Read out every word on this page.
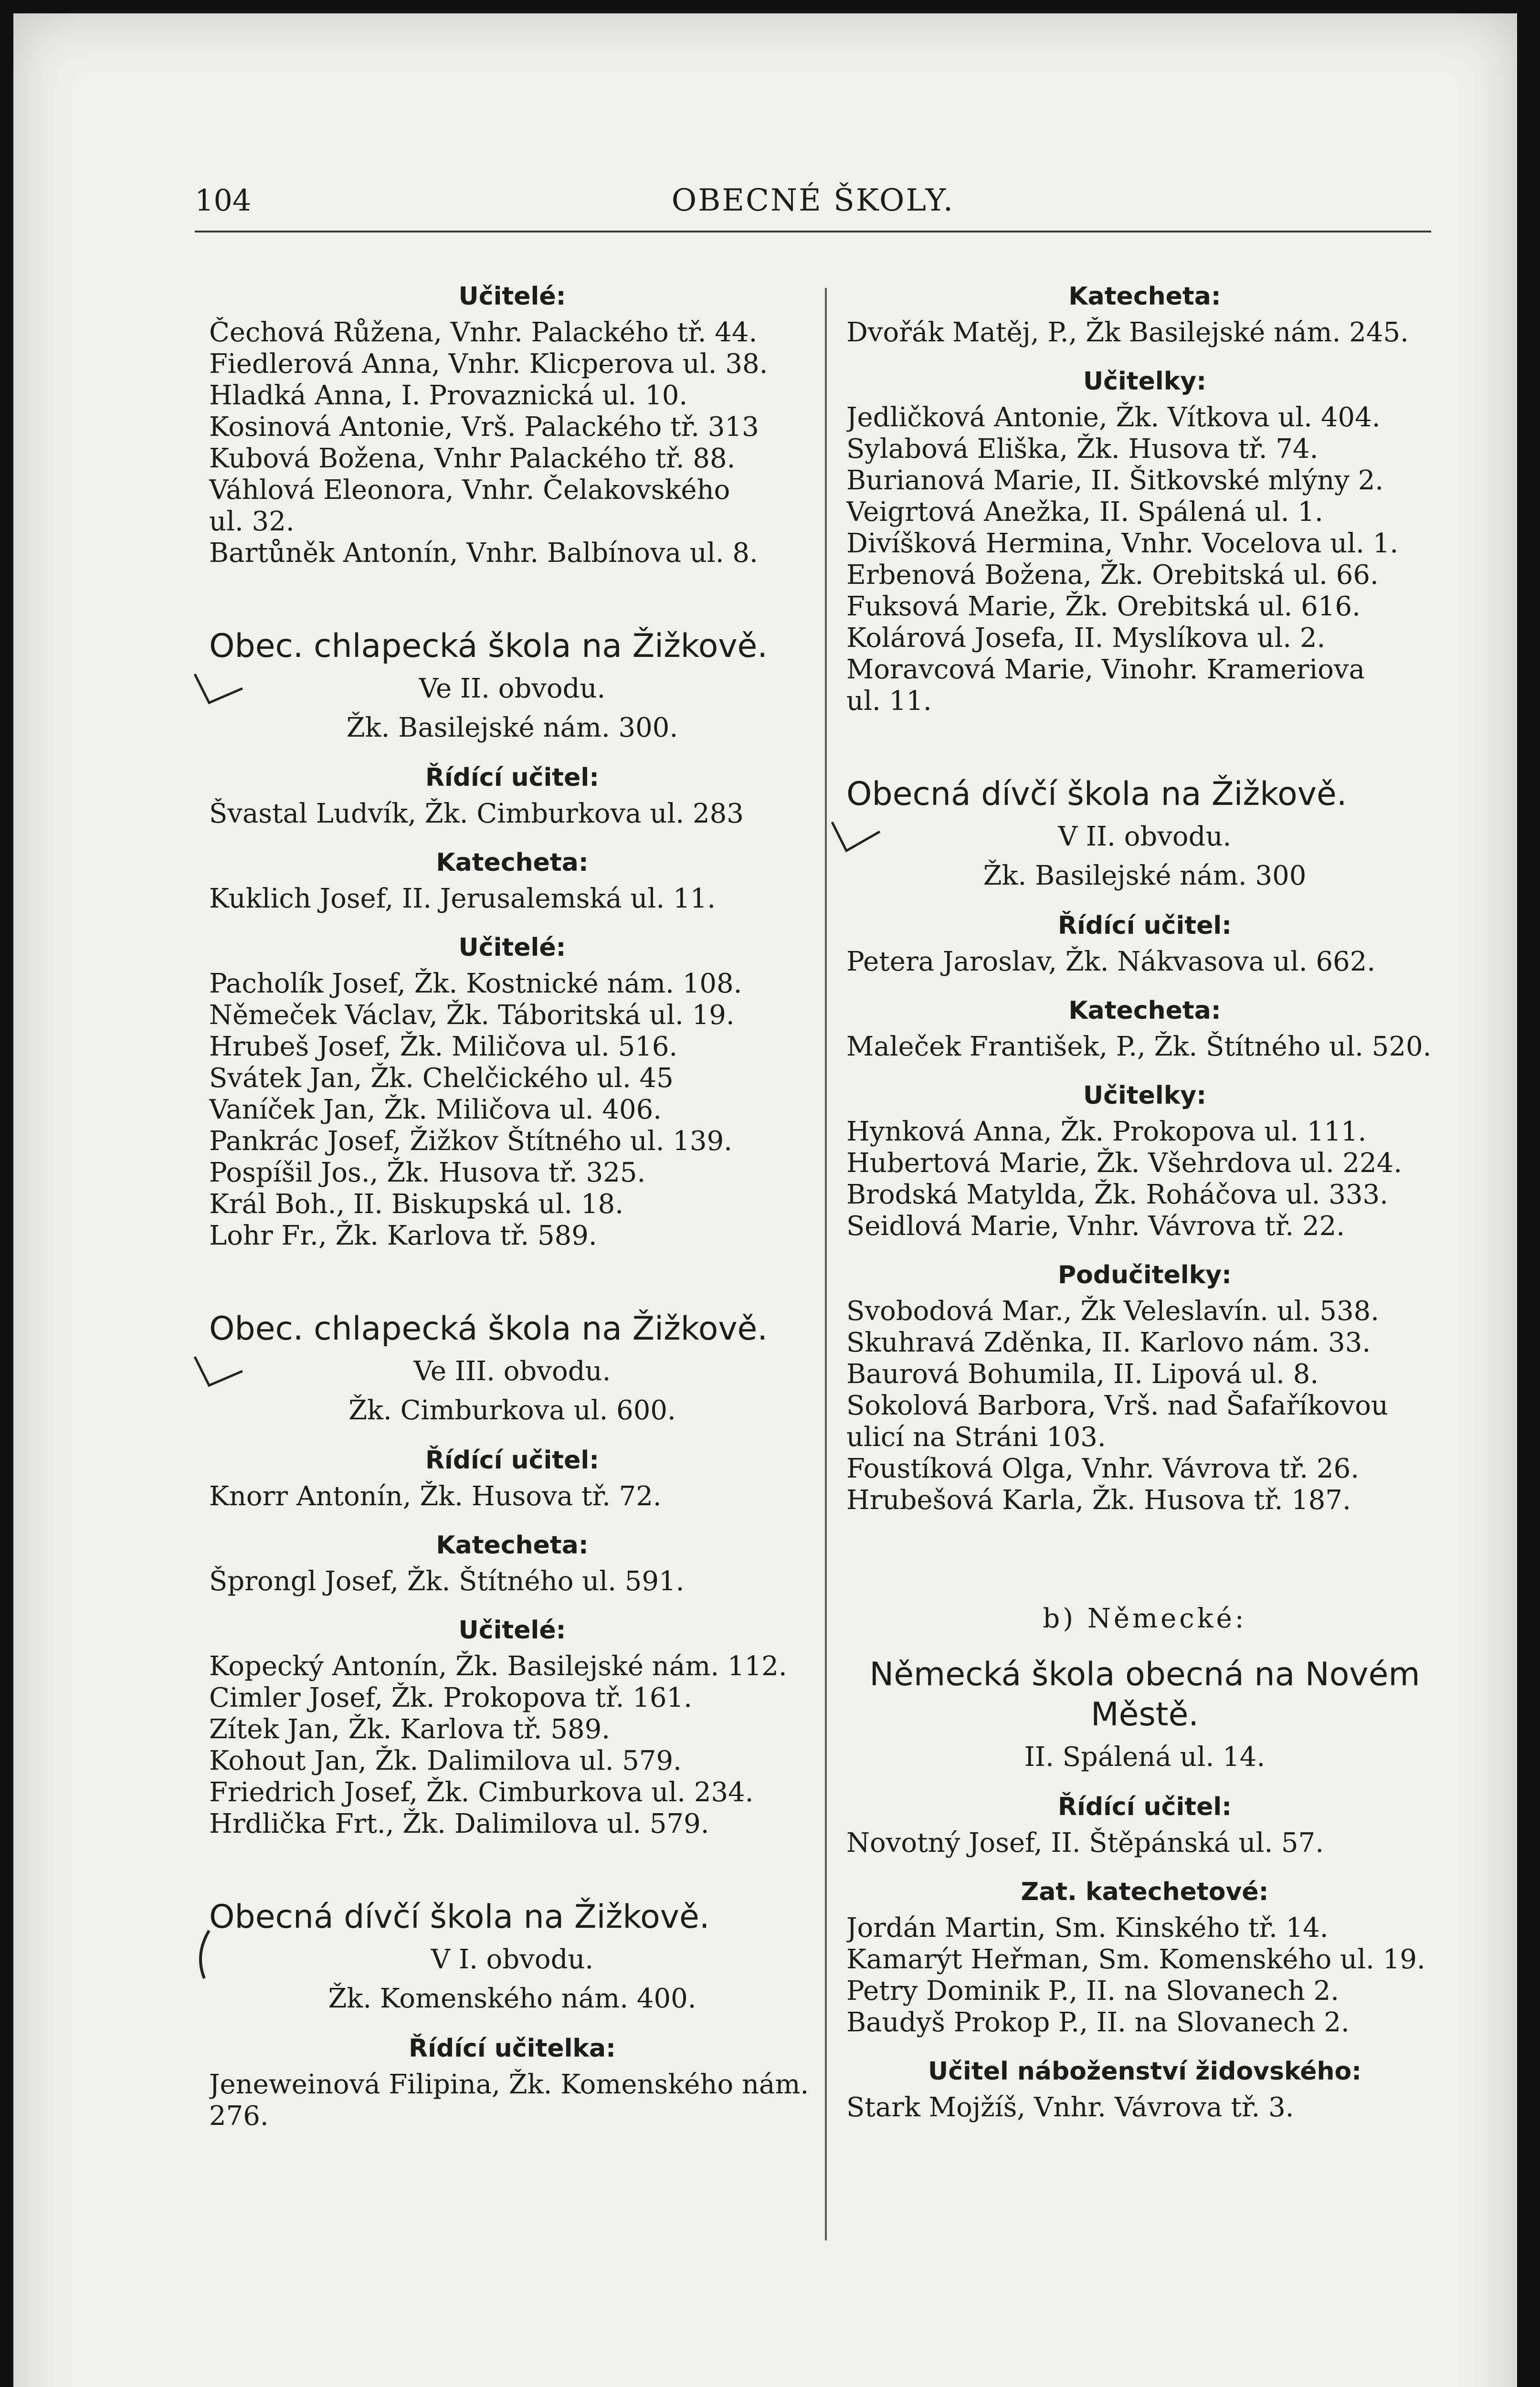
104	OBECNÉ ŠKOLY.
Učitelé:
Čechová Růžena, Vnhr. Palackého tř. 44.
Fiedlerová Anna, Vnhr. Klicperova ul. 38.
Hladká Anna, I. Provaznická ul. 10.
Kosinová Antonie, Vrš. Palackého tř. 313
Kubová Božena, Vnhr Palackého tř. 88.
Váhlová Eleonora, Vnhr. Čelakovského
ul. 32.
Bartůněk Antonín, Vnhr. Balbínova ul. 8.
Obec. chlapecká škola na Žižkově.
Ve II. obvodu.
Žk. Basilejské nám. 300.
Řídící učitel:
Švastal Ludvík, Žk. Cimburkova ul. 283
Katecheta:
Kuklich Josef, II. Jerusalemská ul. 11.
Učitelé:
Pacholík Josef, Žk. Kostnické nám. 108.
Němeček Václav, Žk. Táboritská ul. 19.
Hrubeš Josef, Žk. Miličova ul. 516.
Svátek Jan, Žk. Chelčického ul. 45
Vaníček Jan, Žk. Miličova ul. 406.
Pankrác Josef, Žižkov Štítného ul. 139.
Pospíšil Jos., Žk. Husova tř. 325.
Král Boh., II. Biskupská ul. 18.
Lohr Fr., Žk. Karlova tř. 589.
Obec. chlapecká škola na Žižkově.
Ve III. obvodu.
Žk. Cimburkova ul. 600.
Řídící učitel:
Knorr Antonín, Žk. Husova tř. 72.
Katecheta:
Šprongl Josef, Žk. Štítného ul. 591.
Učitelé:
Kopecký Antonín, Žk. Basilejské nám. 112.
Cimler Josef, Žk. Prokopova tř. 161.
Zítek Jan, Žk. Karlova tř. 589.
Kohout Jan, Žk. Dalimilova ul. 579.
Friedrich Josef, Žk. Cimburkova ul. 234.
Hrdlička Frt., Žk. Dalimilova ul. 579.
Obecná dívčí škola na Žižkově.
V I. obvodu.
Žk. Komenského nám. 400.
Řídící učitelka:
Jeneweinová Filipina, Žk. Komenského nám. 276.
Katecheta:
Dvořák Matěj, P., Žk Basilejské nám. 245.
Učitelky:
Jedličková Antonie, Žk. Vítkova ul. 404.
Sylabová Eliška, Žk. Husova tř. 74.
Burianová Marie, II. Šitkovské mlýny 2.
Veigrtová Anežka, II. Spálená ul. 1.
Divíšková Hermina, Vnhr. Vocelova ul. 1.
Erbenová Božena, Žk. Orebitská ul. 66.
Fuksová Marie, Žk. Orebitská ul. 616.
Kolárová Josefa, II. Myslíkova ul. 2.
Moravcová Marie, Vinohr. Krameriova
ul. 11.
Obecná dívčí škola na Žižkově.
V II. obvodu.
Žk. Basilejské nám. 300
Řídící učitel:
Petera Jaroslav, Žk. Nákvasova ul. 662.
Katecheta:
Maleček František, P., Žk. Štítného ul. 520.
Učitelky:
Hynková Anna, Žk. Prokopova ul. 111.
Hubertová Marie, Žk. Všehrdova ul. 224.
Brodská Matylda, Žk. Roháčova ul. 333.
Seidlová Marie, Vnhr. Vávrova tř. 22.
Podučitelky:
Svobodová Mar., Žk Veleslavín. ul. 538.
Skuhravá Zděnka, II. Karlovo nám. 33.
Baurová Bohumila, II. Lipová ul. 8.
Sokolová Barbora, Vrš. nad Šafaříkovou
ulicí na Stráni 103.
Foustíková Olga, Vnhr. Vávrova tř. 26.
Hrubešová Karla, Žk. Husova tř. 187.
b) Německé:
Německá škola obecná na Novém Městě.
II. Spálená ul. 14.
Řídící učitel:
Novotný Josef, II. Štěpánská ul. 57.
Zat. katechetové:
Jordán Martin, Sm. Kinského tř. 14.
Kamarýt Heřman, Sm. Komenského ul. 19.
Petry Dominik P., II. na Slovanech 2.
Baudyš Prokop P., II. na Slovanech 2.
Učitel náboženství židovského:
Stark Mojžíš, Vnhr. Vávrova tř. 3.
